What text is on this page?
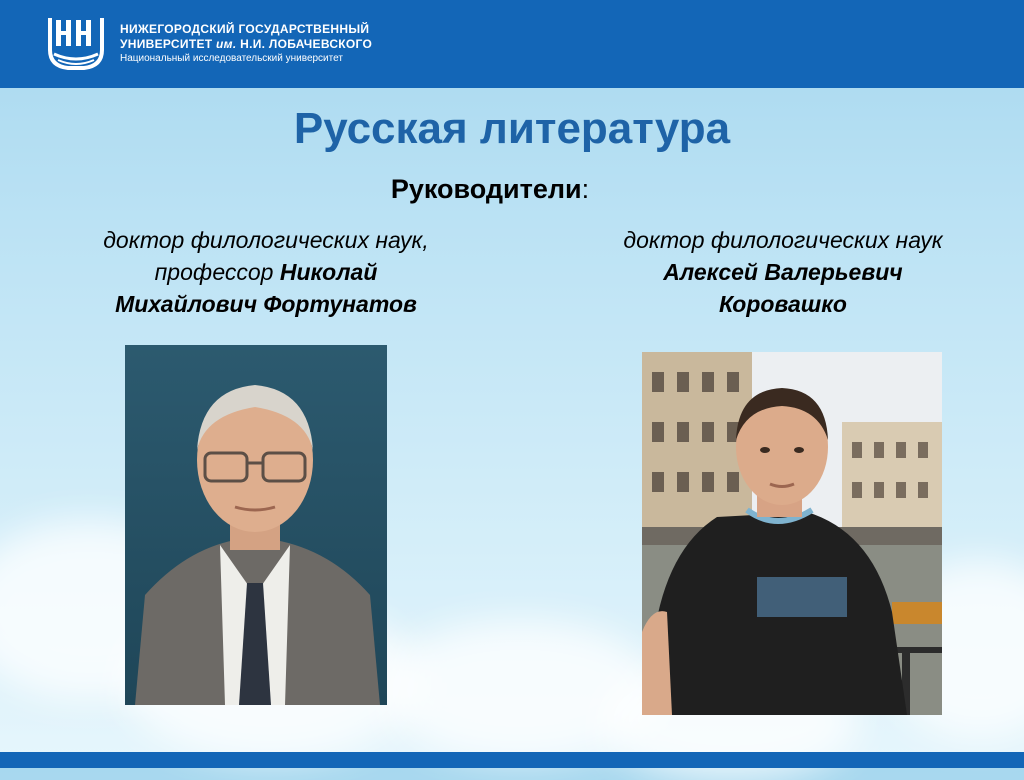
НИЖЕГОРОДСКИЙ ГОСУДАРСТВЕННЫЙ
УНИВЕРСИТЕТ им. Н.И. ЛОБАЧЕВСКОГО
Национальный исследовательский университет
Русская литература
Руководители:
доктор филологических наук,
профессор Николай
Михайлович Фортунатов
доктор филологических наук
Алексей Валерьевич
Коровашко
